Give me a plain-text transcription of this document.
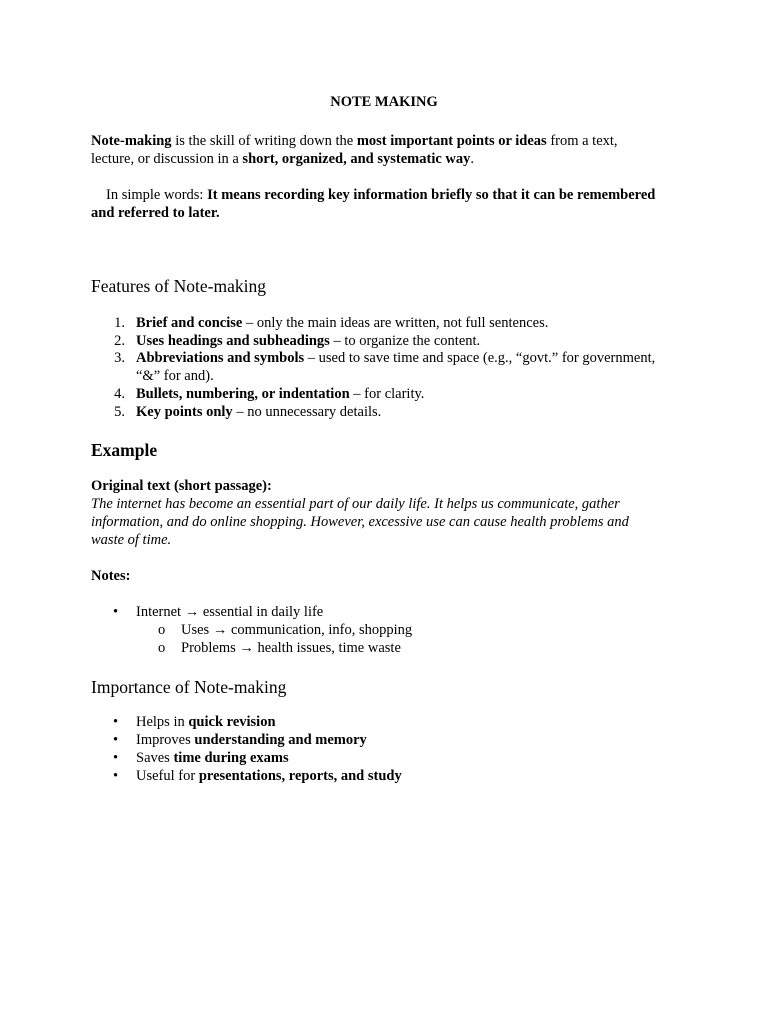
NOTE MAKING
Note-making is the skill of writing down the most important points or ideas from a text,
lecture, or discussion in a short, organized, and systematic way.
In simple words: It means recording key information briefly so that it can be remembered
and referred to later.
Features of Note-making
1. Brief and concise – only the main ideas are written, not full sentences.
2. Uses headings and subheadings – to organize the content.
3. Abbreviations and symbols – used to save time and space (e.g., “govt.” for government,
“&” for and).
4. Bullets, numbering, or indentation – for clarity.
5. Key points only – no unnecessary details.
Example
Original text (short passage):
The internet has become an essential part of our daily life. It helps us communicate, gather
information, and do online shopping. However, excessive use can cause health problems and
waste of time.
Notes:
• Internet → essential in daily life
o Uses → communication, info, shopping
o Problems → health issues, time waste
Importance of Note-making
• Helps in quick revision
• Improves understanding and memory
• Saves time during exams
• Useful for presentations, reports, and study
